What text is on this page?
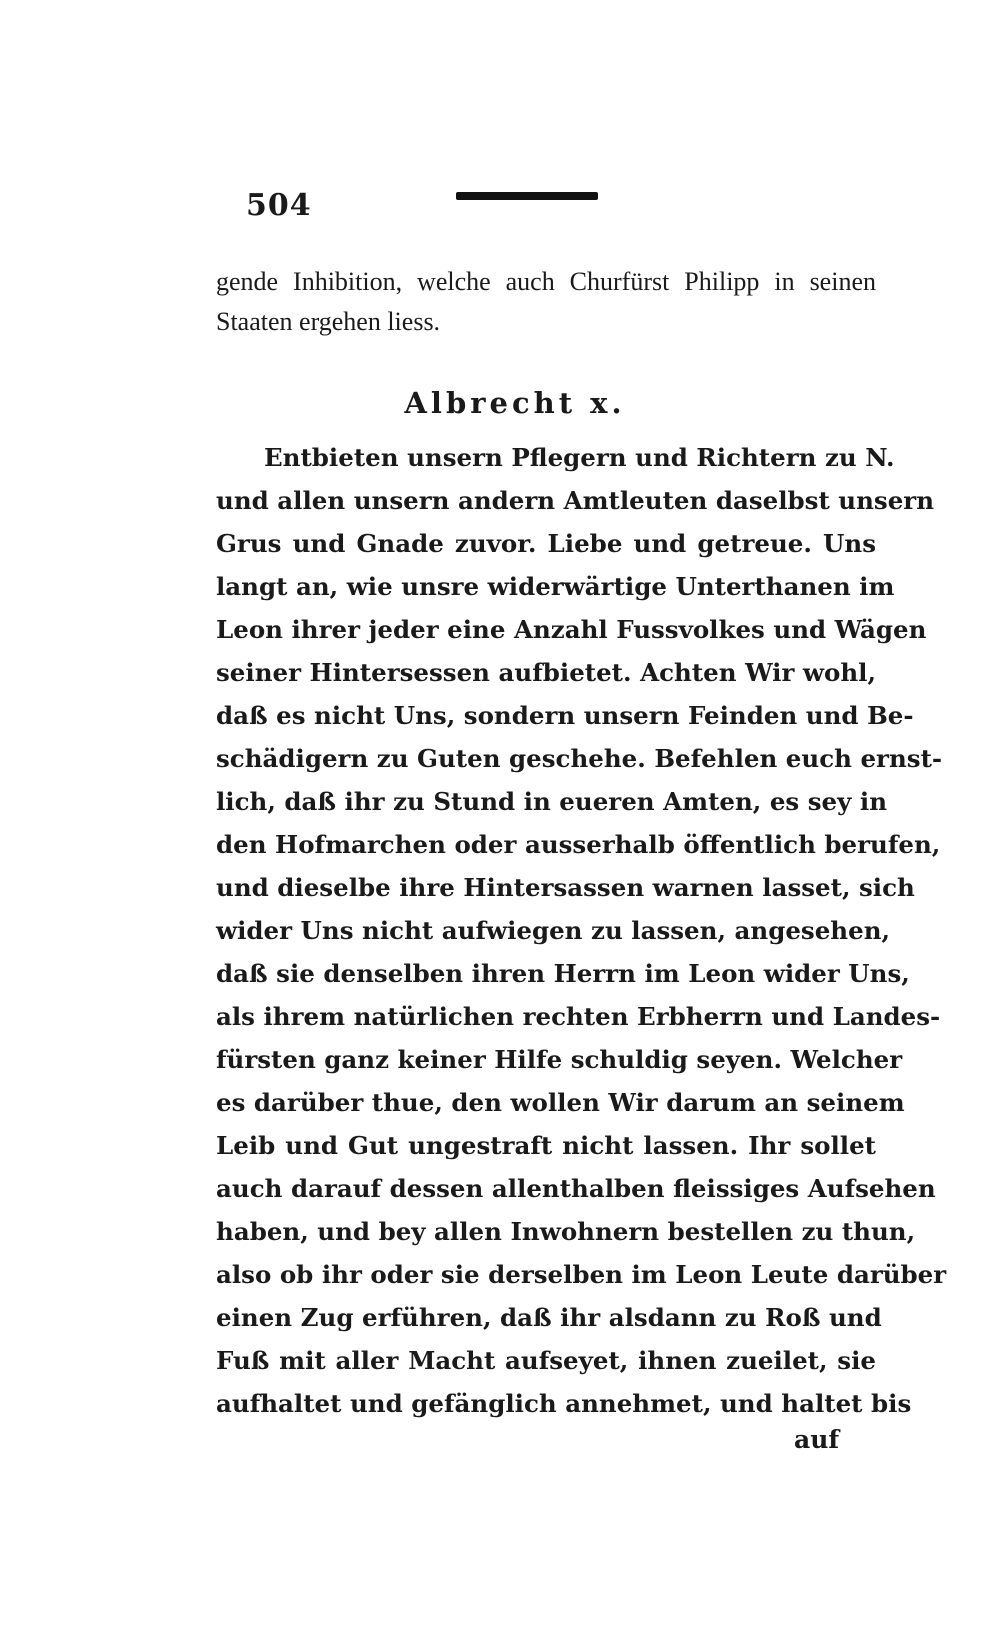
504
gende Inhibition, welche auch Churfürst Philipp in seinen Staaten ergehen liess.
Albrecht x.
Entbieten unsern Pflegern und Richtern zu N.
und allen unsern andern Amtleuten daselbst unsern
Grus und Gnade zuvor. Liebe und getreue. Uns
langt an, wie unsre widerwärtige Unterthanen im
Leon ihrer jeder eine Anzahl Fussvolkes und Wägen
seiner Hintersessen aufbietet. Achten Wir wohl,
daß es nicht Uns, sondern unsern Feinden und Be-
schädigern zu Guten geschehe. Befehlen euch ernst-
lich, daß ihr zu Stund in eueren Amten, es sey in
den Hofmarchen oder ausserhalb öffentlich berufen,
und dieselbe ihre Hintersassen warnen lasset, sich
wider Uns nicht aufwiegen zu lassen, angesehen,
daß sie denselben ihren Herrn im Leon wider Uns,
als ihrem natürlichen rechten Erbherrn und Landes-
fürsten ganz keiner Hilfe schuldig seyen. Welcher
es darüber thue, den wollen Wir darum an seinem
Leib und Gut ungestraft nicht lassen. Ihr sollet
auch darauf dessen allenthalben fleissiges Aufsehen
haben, und bey allen Inwohnern bestellen zu thun,
also ob ihr oder sie derselben im Leon Leute darüber
einen Zug erführen, daß ihr alsdann zu Roß und
Fuß mit aller Macht aufseyet, ihnen zueilet, sie
aufhaltet und gefänglich annehmet, und haltet bis
auf
